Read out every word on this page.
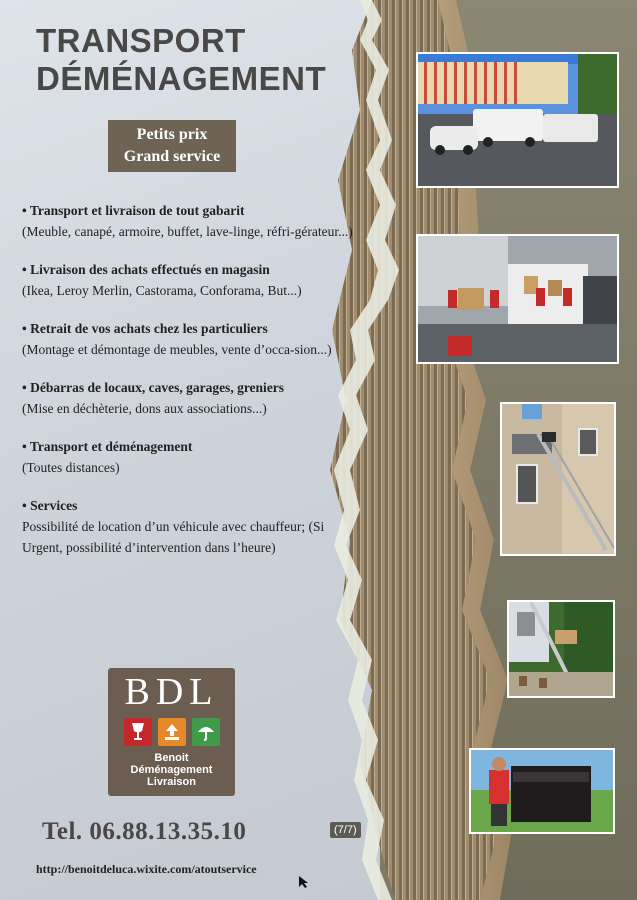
TRANSPORT
DÉMÉNAGEMENT
Petits prix
Grand service
• Transport et livraison de tout gabarit
(Meuble, canapé, armoire, buffet, lave-linge, réfri-gérateur...)
• Livraison des achats effectués en magasin
(Ikea, Leroy Merlin, Castorama, Conforama, But...)
• Retrait de vos achats chez les particuliers
(Montage et démontage de meubles, vente d’occa-sion...)
• Débarras de locaux, caves, garages, greniers
(Mise en déchèterie, dons aux associations...)
• Transport et déménagement
(Toutes distances)
• Services
Possibilité de location d’un véhicule avec chauffeur; (Si Urgent, possibilité d’intervention dans l’heure)
BDL
Benoit
Déménagement
Livraison
Tel. 06.88.13.35.10	(7/7)
http://benoitdeluca.wixite.com/atoutservice
